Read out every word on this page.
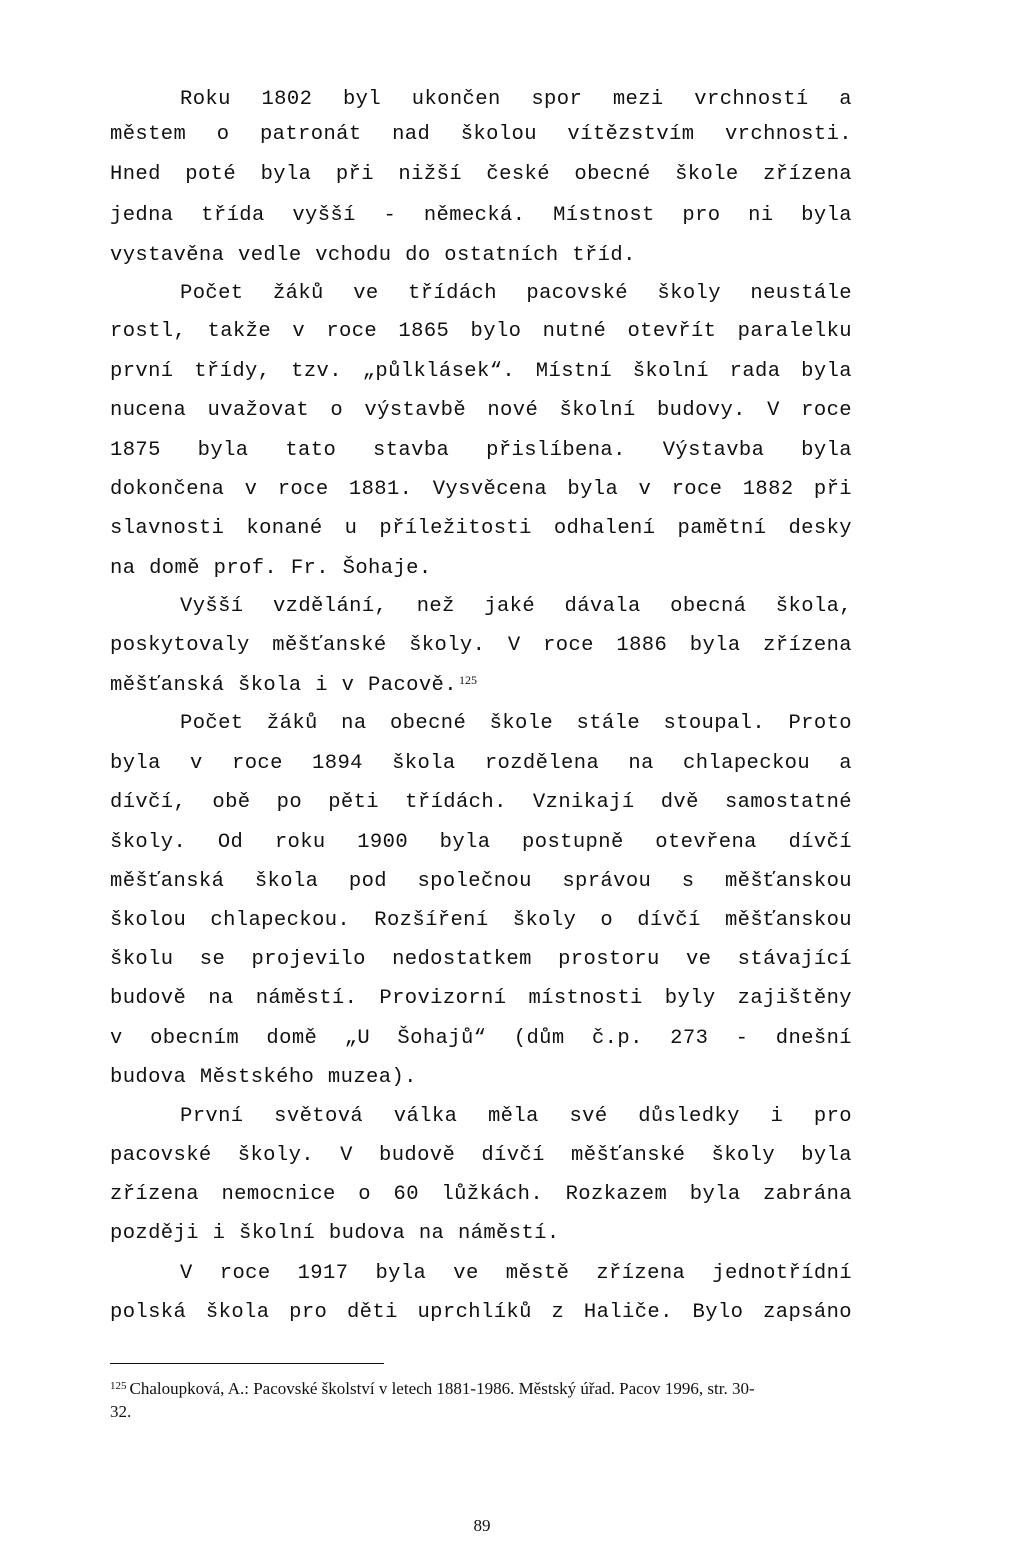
Roku 1802 byl ukončen spor mezi vrchností a
městem o patronát nad školou vítězstvím vrchnosti.
Hned poté byla při nižší české obecné škole zřízena
jedna třída vyšší - německá. Místnost pro ni byla
vystavěna vedle vchodu do ostatních tříd.
Počet žáků ve třídách pacovské školy neustále
rostl, takže v roce 1865 bylo nutné otevřít paralelku
první třídy, tzv. „půlklásek“. Místní školní rada byla
nucena uvažovat o výstavbě nové školní budovy. V roce
1875 byla tato stavba přislíbena. Výstavba byla
dokončena v roce 1881. Vysvěcena byla v roce 1882 při
slavnosti konané u příležitosti odhalení pamětní desky
na domě prof. Fr. Šohaje.
Vyšší vzdělání, než jaké dávala obecná škola,
poskytovaly měšťanské školy. V roce 1886 byla zřízena
měšťanská škola i v Pacově. $^{125}$
Počet žáků na obecné škole stále stoupal. Proto
byla v roce 1894 škola rozdělena na chlapeckou a
dívčí, obě po pěti třídách. Vznikají dvě samostatné
školy. Od roku 1900 byla postupně otevřena dívčí
měšťanská škola pod společnou správou s měšťanskou
školou chlapeckou. Rozšíření školy o dívčí měšťanskou
školu se projevilo nedostatkem prostoru ve stávající
budově na náměstí. Provizorní místnosti byly zajištěny
v obecním domě „U Šohajů“ (dům č.p. 273 - dnešní
budova Městského muzea).
První světová válka měla své důsledky i pro
pacovské školy. V budově dívčí měšťanské školy byla
zřízena nemocnice o 60 lůžkách. Rozkazem byla zabrána
později i školní budova na náměstí.
V roce 1917 byla ve městě zřízena jednotřídní
polská škola pro děti uprchlíků z Haliče. Bylo zapsáno
$^{125}$ Chaloupková, A.: Pacovské školství v letech 1881-1986. Městský úřad. Pacov 1996, str. 30-
32.
89
